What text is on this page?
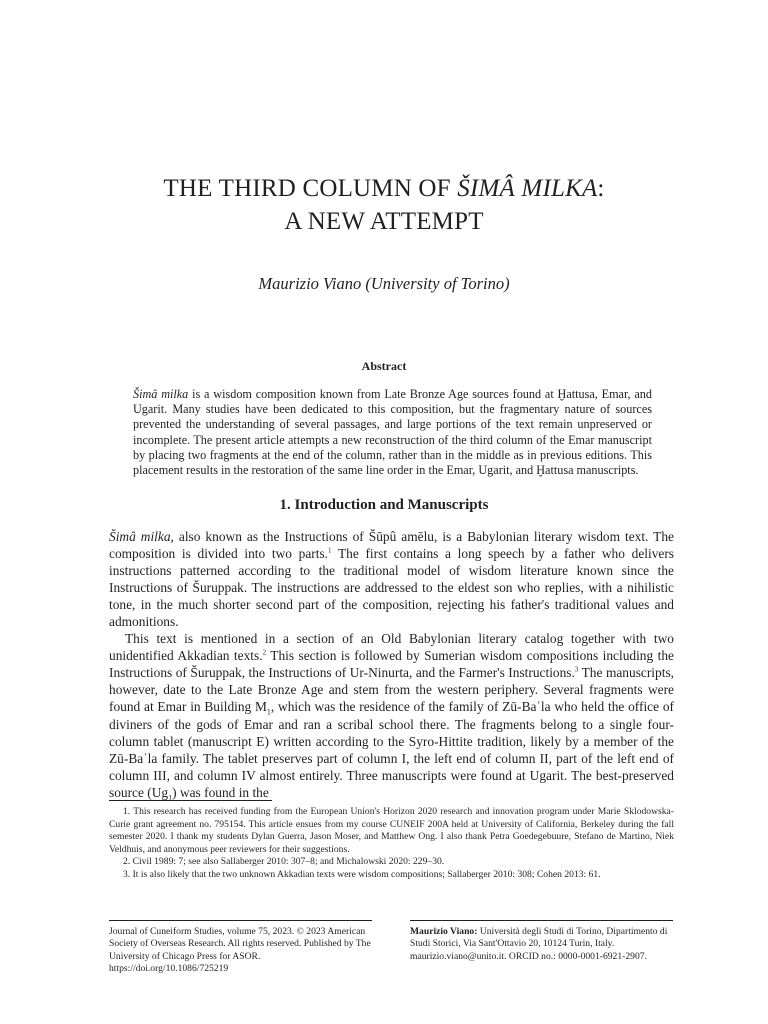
THE THIRD COLUMN OF ŠIMÂ MILKA:
A NEW ATTEMPT
Maurizio Viano (University of Torino)
Abstract

Šimâ milka is a wisdom composition known from Late Bronze Age sources found at Ḫattusa, Emar, and Ugarit. Many studies have been dedicated to this composition, but the fragmentary nature of sources prevented the understanding of several passages, and large portions of the text remain unpreserved or incomplete. The present article attempts a new reconstruction of the third column of the Emar manuscript by placing two fragments at the end of the column, rather than in the middle as in previous editions. This placement results in the restoration of the same line order in the Emar, Ugarit, and Ḫattusa manuscripts.

1. Introduction and Manuscripts

Šimâ milka, also known as the Instructions of Šūpû amēlu, is a Babylonian literary wisdom text. The composition is divided into two parts.$^1$ The first contains a long speech by a father who delivers instructions patterned according to the traditional model of wisdom literature known since the Instructions of Šuruppak. The instructions are addressed to the eldest son who replies, with a nihilistic tone, in the much shorter second part of the composition, rejecting his father's traditional values and admonitions.

This text is mentioned in a section of an Old Babylonian literary catalog together with two unidentified Akkadian texts.$^2$ This section is followed by Sumerian wisdom compositions including the Instructions of Šuruppak, the Instructions of Ur-Ninurta, and the Farmer's Instructions.$^3$ The manuscripts, however, date to the Late Bronze Age and stem from the western periphery. Several fragments were found at Emar in Building $M_1$, which was the residence of the family of Zū-Baʿla who held the office of diviners of the gods of Emar and ran a scribal school there. The fragments belong to a single four-column tablet (manuscript E) written according to the Syro-Hittite tradition, likely by a member of the Zū-Baʿla family. The tablet preserves part of column I, the left end of column II, part of the left end of column III, and column IV almost entirely. Three manuscripts were found at Ugarit. The best-preserved source $(Ug_1)$ was found in the

1. This research has received funding from the European Union's Horizon 2020 research and innovation program under Marie Sklodowska-Curie grant agreement no. 795154. This article ensues from my course CUNEIF 200A held at University of California, Berkeley during the fall semester 2020. I thank my students Dylan Guerra, Jason Moser, and Matthew Ong. I also thank Petra Goedegebuure, Stefano de Martino, Niek Veldhuis, and anonymous peer reviewers for their suggestions.

2. Civil 1989: 7; see also Sallaberger 2010: 307–8; and Michalowski 2020: 229–30.

3. It is also likely that the two unknown Akkadian texts were wisdom compositions; Sallaberger 2010: 308; Cohen 2013: 61.

Journal of Cuneiform Studies, volume 75, 2023. © 2023 American Society of Overseas Research. All rights reserved. Published by The University of Chicago Press for ASOR. https://doi.org/10.1086/725219

Maurizio Viano: Università degli Studi di Torino, Dipartimento di Studi Storici, Via Sant'Ottavio 20, 10124 Turin, Italy. maurizio.viano@unito.it. ORCID no.: 0000-0001-6921-2907.
